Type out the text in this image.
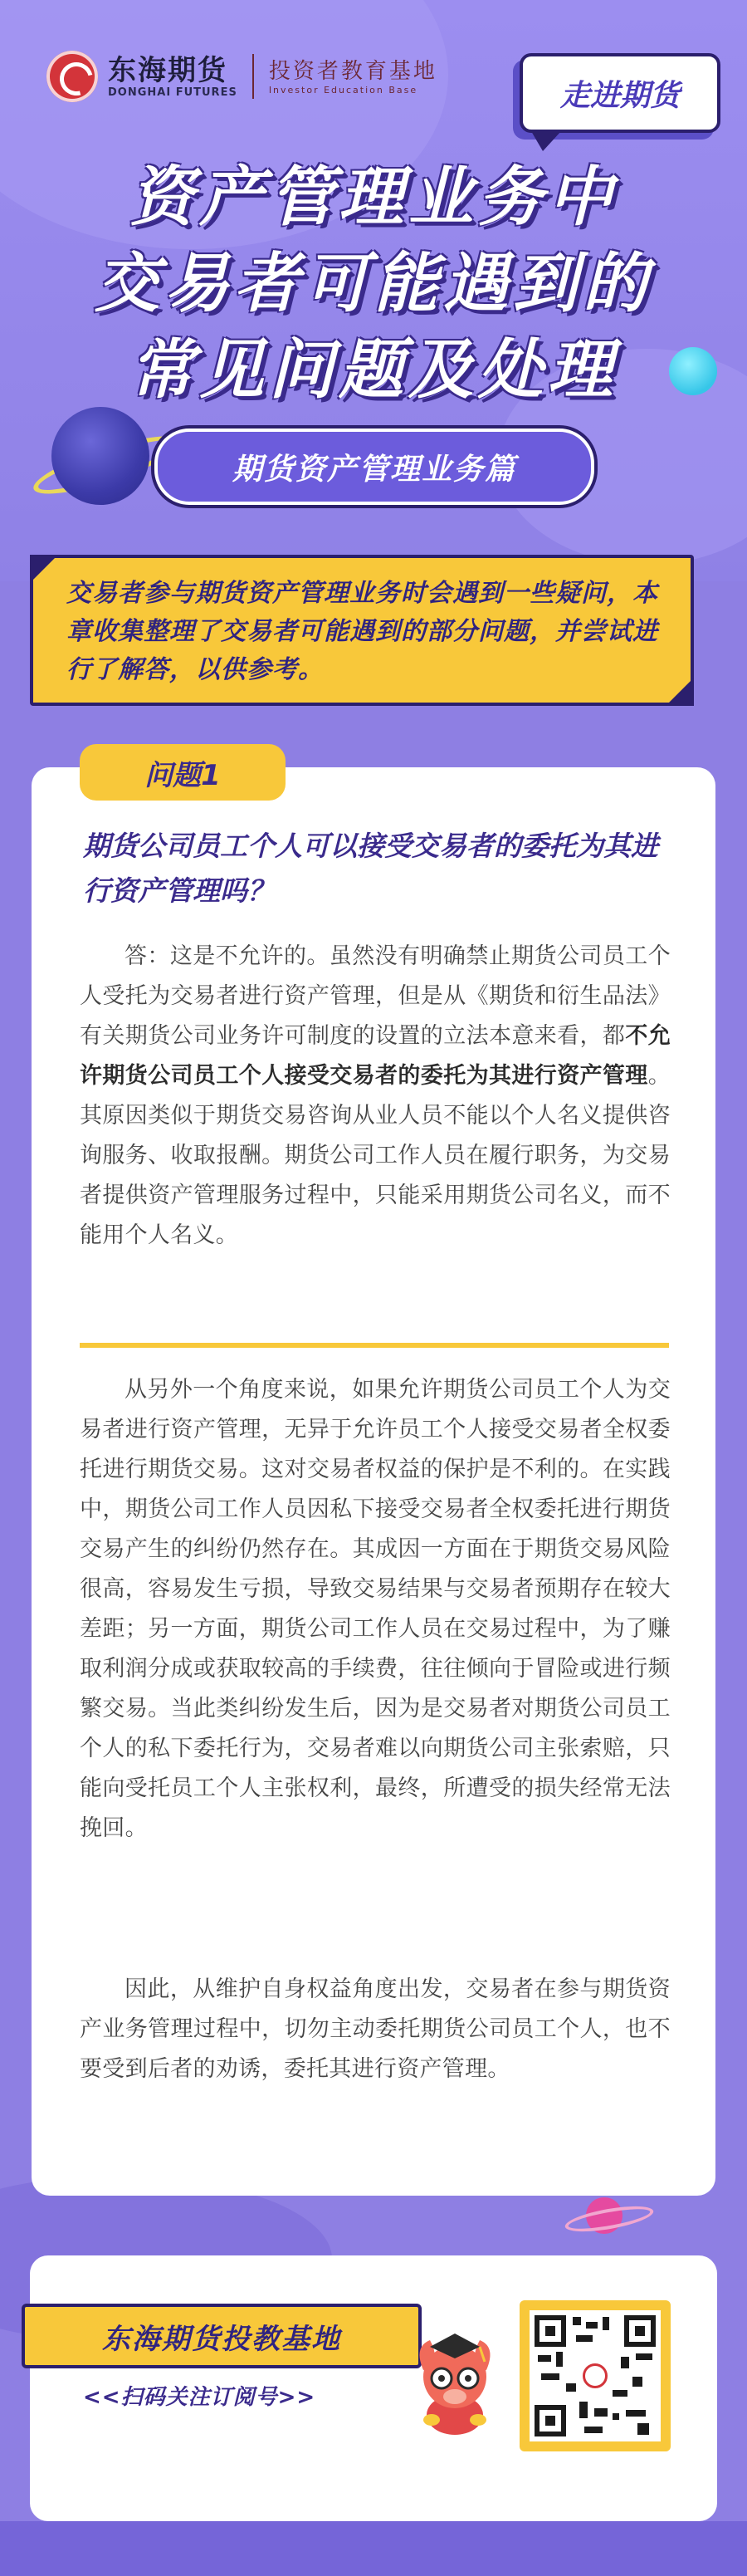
东海期货
DONGHAI FUTURES
投资者教育基地
Investor Education Base	走进期货
资产管理业务中
交易者可能遇到的
常见问题及处理
期货资产管理业务篇
交易者参与期货资产管理业务时会遇到一些疑问，本章收集整理了交易者可能遇到的部分问题，并尝试进行了解答，以供参考。
问题1
期货公司员工个人可以接受交易者的委托为其进行资产管理吗？
答：这是不允许的。虽然没有明确禁止期货公司员工个人受托为交易者进行资产管理，但是从《期货和衍生品法》有关期货公司业务许可制度的设置的立法本意来看，都不允许期货公司员工个人接受交易者的委托为其进行资产管理。其原因类似于期货交易咨询从业人员不能以个人名义提供咨询服务、收取报酬。期货公司工作人员在履行职务，为交易者提供资产管理服务过程中，只能采用期货公司名义，而不能用个人名义。
从另外一个角度来说，如果允许期货公司员工个人为交易者进行资产管理，无异于允许员工个人接受交易者全权委托进行期货交易。这对交易者权益的保护是不利的。在实践中，期货公司工作人员因私下接受交易者全权委托进行期货交易产生的纠纷仍然存在。其成因一方面在于期货交易风险很高，容易发生亏损，导致交易结果与交易者预期存在较大差距；另一方面，期货公司工作人员在交易过程中，为了赚取利润分成或获取较高的手续费，往往倾向于冒险或进行频繁交易。当此类纠纷发生后，因为是交易者对期货公司员工个人的私下委托行为，交易者难以向期货公司主张索赔，只能向受托员工个人主张权利，最终，所遭受的损失经常无法挽回。
因此，从维护自身权益角度出发，交易者在参与期货资产业务管理过程中，切勿主动委托期货公司员工个人，也不要受到后者的劝诱，委托其进行资产管理。
东海期货投教基地
<<扫码关注订阅号>>
